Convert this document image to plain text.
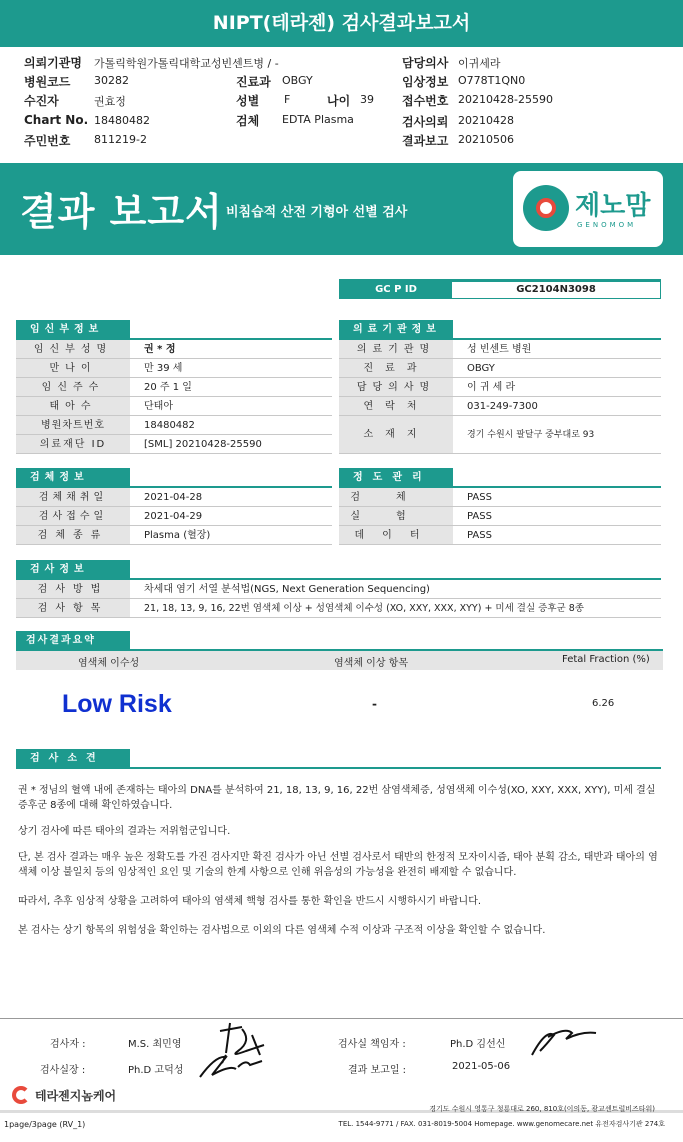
NIPT(테라젠) 검사결과보고서
의뢰기관명 가톨릭학원가톨릭대학교성빈센트병 / -	담당의사 이귀세라
병원코드 30282	진료과 OBGY	임상정보 O778T1QN0
수진자	권효정	성별 F	나이 39 접수번호 20210428-25590
Chart No. 18480482	검체 EDTA Plasma	검사의뢰 20210428
주민번호 811219-2	결과보고 20210506
결과 보고서 비침습적 산전 기형아 선별 검사	제노맘
GENOMOM
GC P ID	GC2104N3098
임신부정보
임신부성명	권 * 정
만나이	만 39 세
임신주수	20 주 1 일
태아수	단태아
병원차트번호	18480482
의료재단 ID	[SML] 20210428-25590
의료기관정보
의료기관명	성 빈센트 병원
진료과	OBGY
담당의사명	이 귀 세 라
연락처	031-249-7300
소재지	경기 수원시 팔달구 중부대로 93
검체정보
검체채취일	2021-04-28
검사접수일	2021-04-29
검체종류	Plasma (혈장)
정도관리
검체	PASS
실험	PASS
데이터	PASS
검사정보
검사방법	차세대 염기 서열 분석법(NGS, Next Generation Sequencing)
검사항목	21, 18, 13, 9, 16, 22번 염색체 이상 + 성염색체 이수성 (XO, XXY, XXX, XYY) + 미세 결실 증후군 8종
검사결과요약
염색체 이수성	염색체 이상 항목	Fetal Fraction (%)
Low Risk	-	6.26
검사소견

권 * 정님의 혈액 내에 존재하는 태아의 DNA를 분석하여 21, 18, 13, 9, 16, 22번 삼염색체증, 성염색체 이수성(XO, XXY, XXX, XYY), 미세 결실 증후군 8종에 대해 확인하였습니다.

상기 검사에 따른 태아의 결과는 저위험군입니다.

단, 본 검사 결과는 매우 높은 정확도를 가진 검사지만 확진 검사가 아닌 선별 검사로서 태반의 한정적 모자이시즘, 태아 분획 감소, 태반과 태아의 염색체 이상 불일치 등의 임상적인 요인 및 기술의 한계 사항으로 인해 위음성의 가능성을 완전히 배제할 수 없습니다.

따라서, 추후 임상적 상황을 고려하여 태아의 염색체 핵형 검사를 통한 확인을 반드시 시행하시기 바랍니다.

본 검사는 상기 항목의 위험성을 확인하는 검사법으로 이외의 다른 염색체 수적 이상과 구조적 이상을 확인할 수 없습니다.

검사자 :	M.S. 최민영	검사실 책임자 :	Ph.D 김선신
검사실장 :	Ph.D 고덕성	결과 보고일 :	2021-05-06
테라젠지놈케어
경기도 수원시 영통구 청룡대로 260, 810호(이의동, 광교센트럴비즈타워)
TEL. 1544-9771 / FAX. 031-8019-5004 Homepage. www.genomecare.net 유전자검사기관 274호
1page/3page (RV_1)
